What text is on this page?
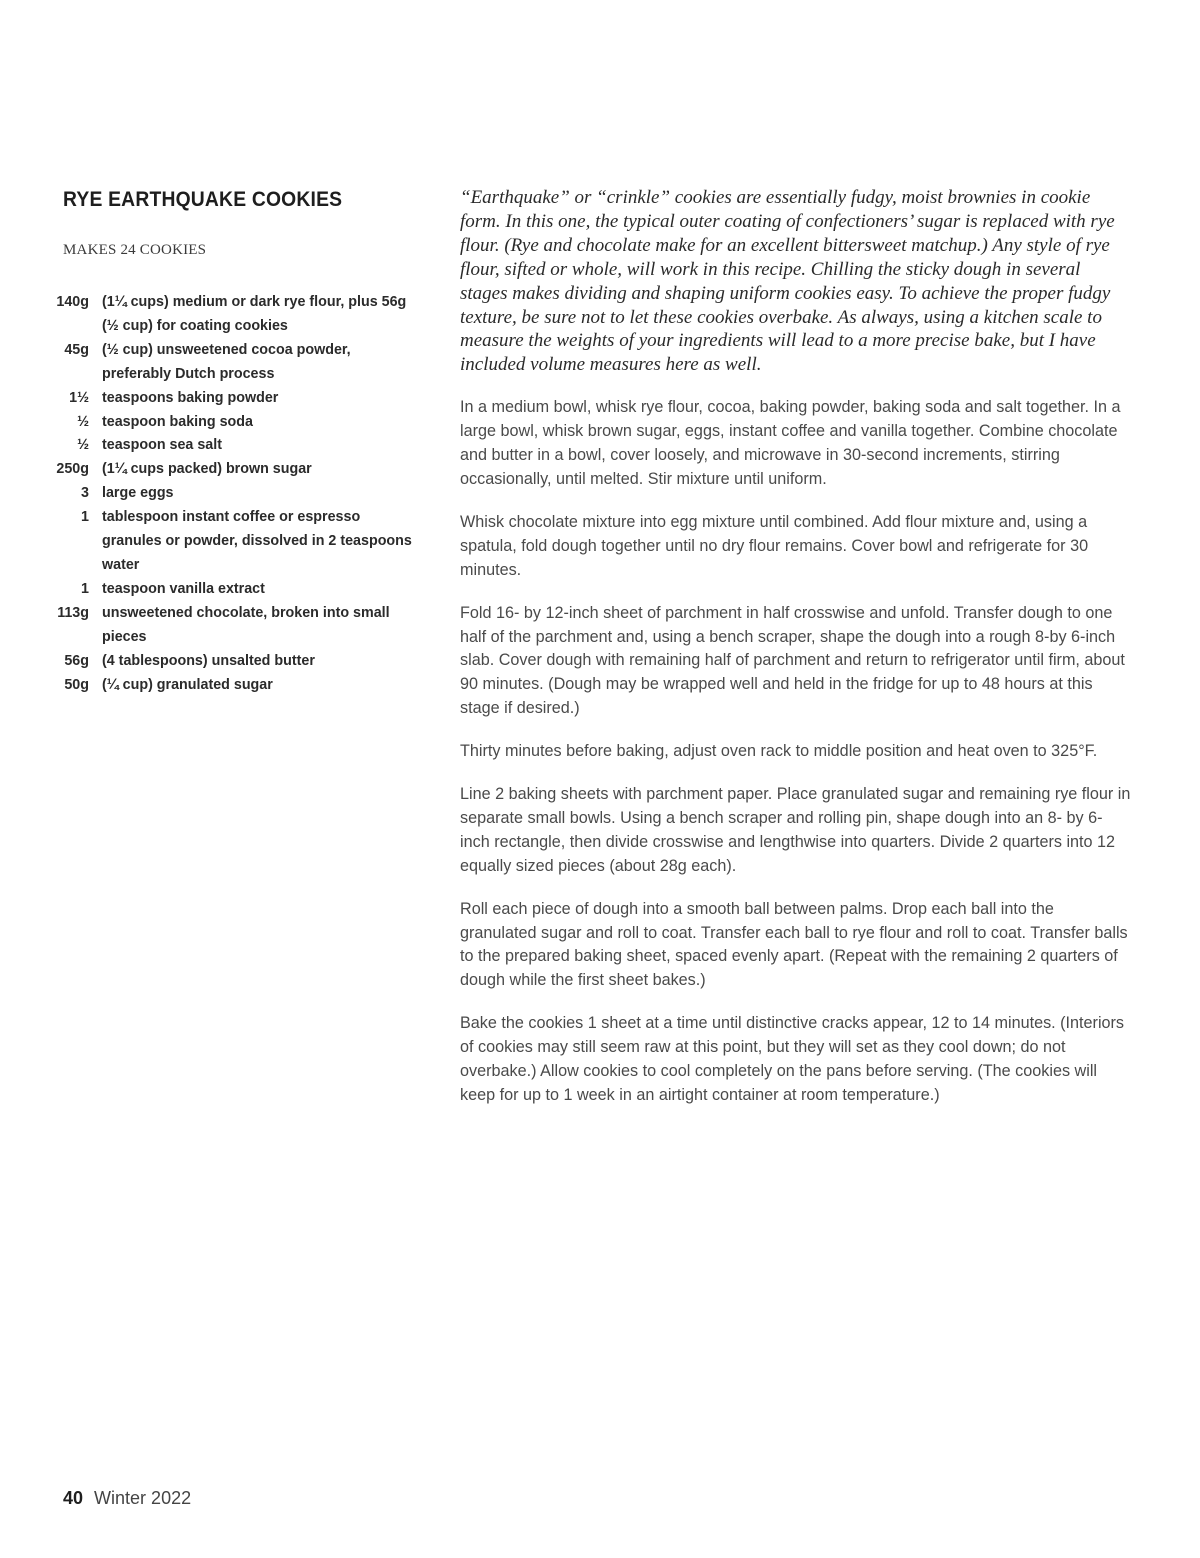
RYE EARTHQUAKE COOKIES
MAKES 24 COOKIES
140g (1¼ cups) medium or dark rye flour, plus 56g (½ cup) for coating cookies
45g (½ cup) unsweetened cocoa powder, preferably Dutch process
1½ teaspoons baking powder
½ teaspoon baking soda
½ teaspoon sea salt
250g (1¼ cups packed) brown sugar
3 large eggs
1 tablespoon instant coffee or espresso granules or powder, dissolved in 2 teaspoons water
1 teaspoon vanilla extract
113g unsweetened chocolate, broken into small pieces
56g (4 tablespoons) unsalted butter
50g (¼ cup) granulated sugar

“Earthquake” or “crinkle” cookies are essentially fudgy, moist brownies in cookie form. In this one, the typical outer coating of confectioners’ sugar is replaced with rye flour. (Rye and chocolate make for an excellent bittersweet matchup.) Any style of rye flour, sifted or whole, will work in this recipe. Chilling the sticky dough in several stages makes dividing and shaping uniform cookies easy. To achieve the proper fudgy texture, be sure not to let these cookies overbake. As always, using a kitchen scale to measure the weights of your ingredients will lead to a more precise bake, but I have included volume measures here as well.

In a medium bowl, whisk rye flour, cocoa, baking powder, baking soda and salt together. In a large bowl, whisk brown sugar, eggs, instant coffee and vanilla together. Combine chocolate and butter in a bowl, cover loosely, and microwave in 30-second increments, stirring occasionally, until melted. Stir mixture until uniform.

Whisk chocolate mixture into egg mixture until combined. Add flour mixture and, using a spatula, fold dough together until no dry flour remains. Cover bowl and refrigerate for 30 minutes.

Fold 16- by 12-inch sheet of parchment in half crosswise and unfold. Transfer dough to one half of the parchment and, using a bench scraper, shape the dough into a rough 8-by 6-inch slab. Cover dough with remaining half of parchment and return to refrigerator until firm, about 90 minutes. (Dough may be wrapped well and held in the fridge for up to 48 hours at this stage if desired.)

Thirty minutes before baking, adjust oven rack to middle position and heat oven to 325°F.

Line 2 baking sheets with parchment paper. Place granulated sugar and remaining rye flour in separate small bowls. Using a bench scraper and rolling pin, shape dough into an 8- by 6-inch rectangle, then divide crosswise and lengthwise into quarters. Divide 2 quarters into 12 equally sized pieces (about 28g each).

Roll each piece of dough into a smooth ball between palms. Drop each ball into the granulated sugar and roll to coat. Transfer each ball to rye flour and roll to coat. Transfer balls to the prepared baking sheet, spaced evenly apart. (Repeat with the remaining 2 quarters of dough while the first sheet bakes.)

Bake the cookies 1 sheet at a time until distinctive cracks appear, 12 to 14 minutes. (Interiors of cookies may still seem raw at this point, but they will set as they cool down; do not overbake.) Allow cookies to cool completely on the pans before serving. (The cookies will keep for up to 1 week in an airtight container at room temperature.)

40 Winter 2022
